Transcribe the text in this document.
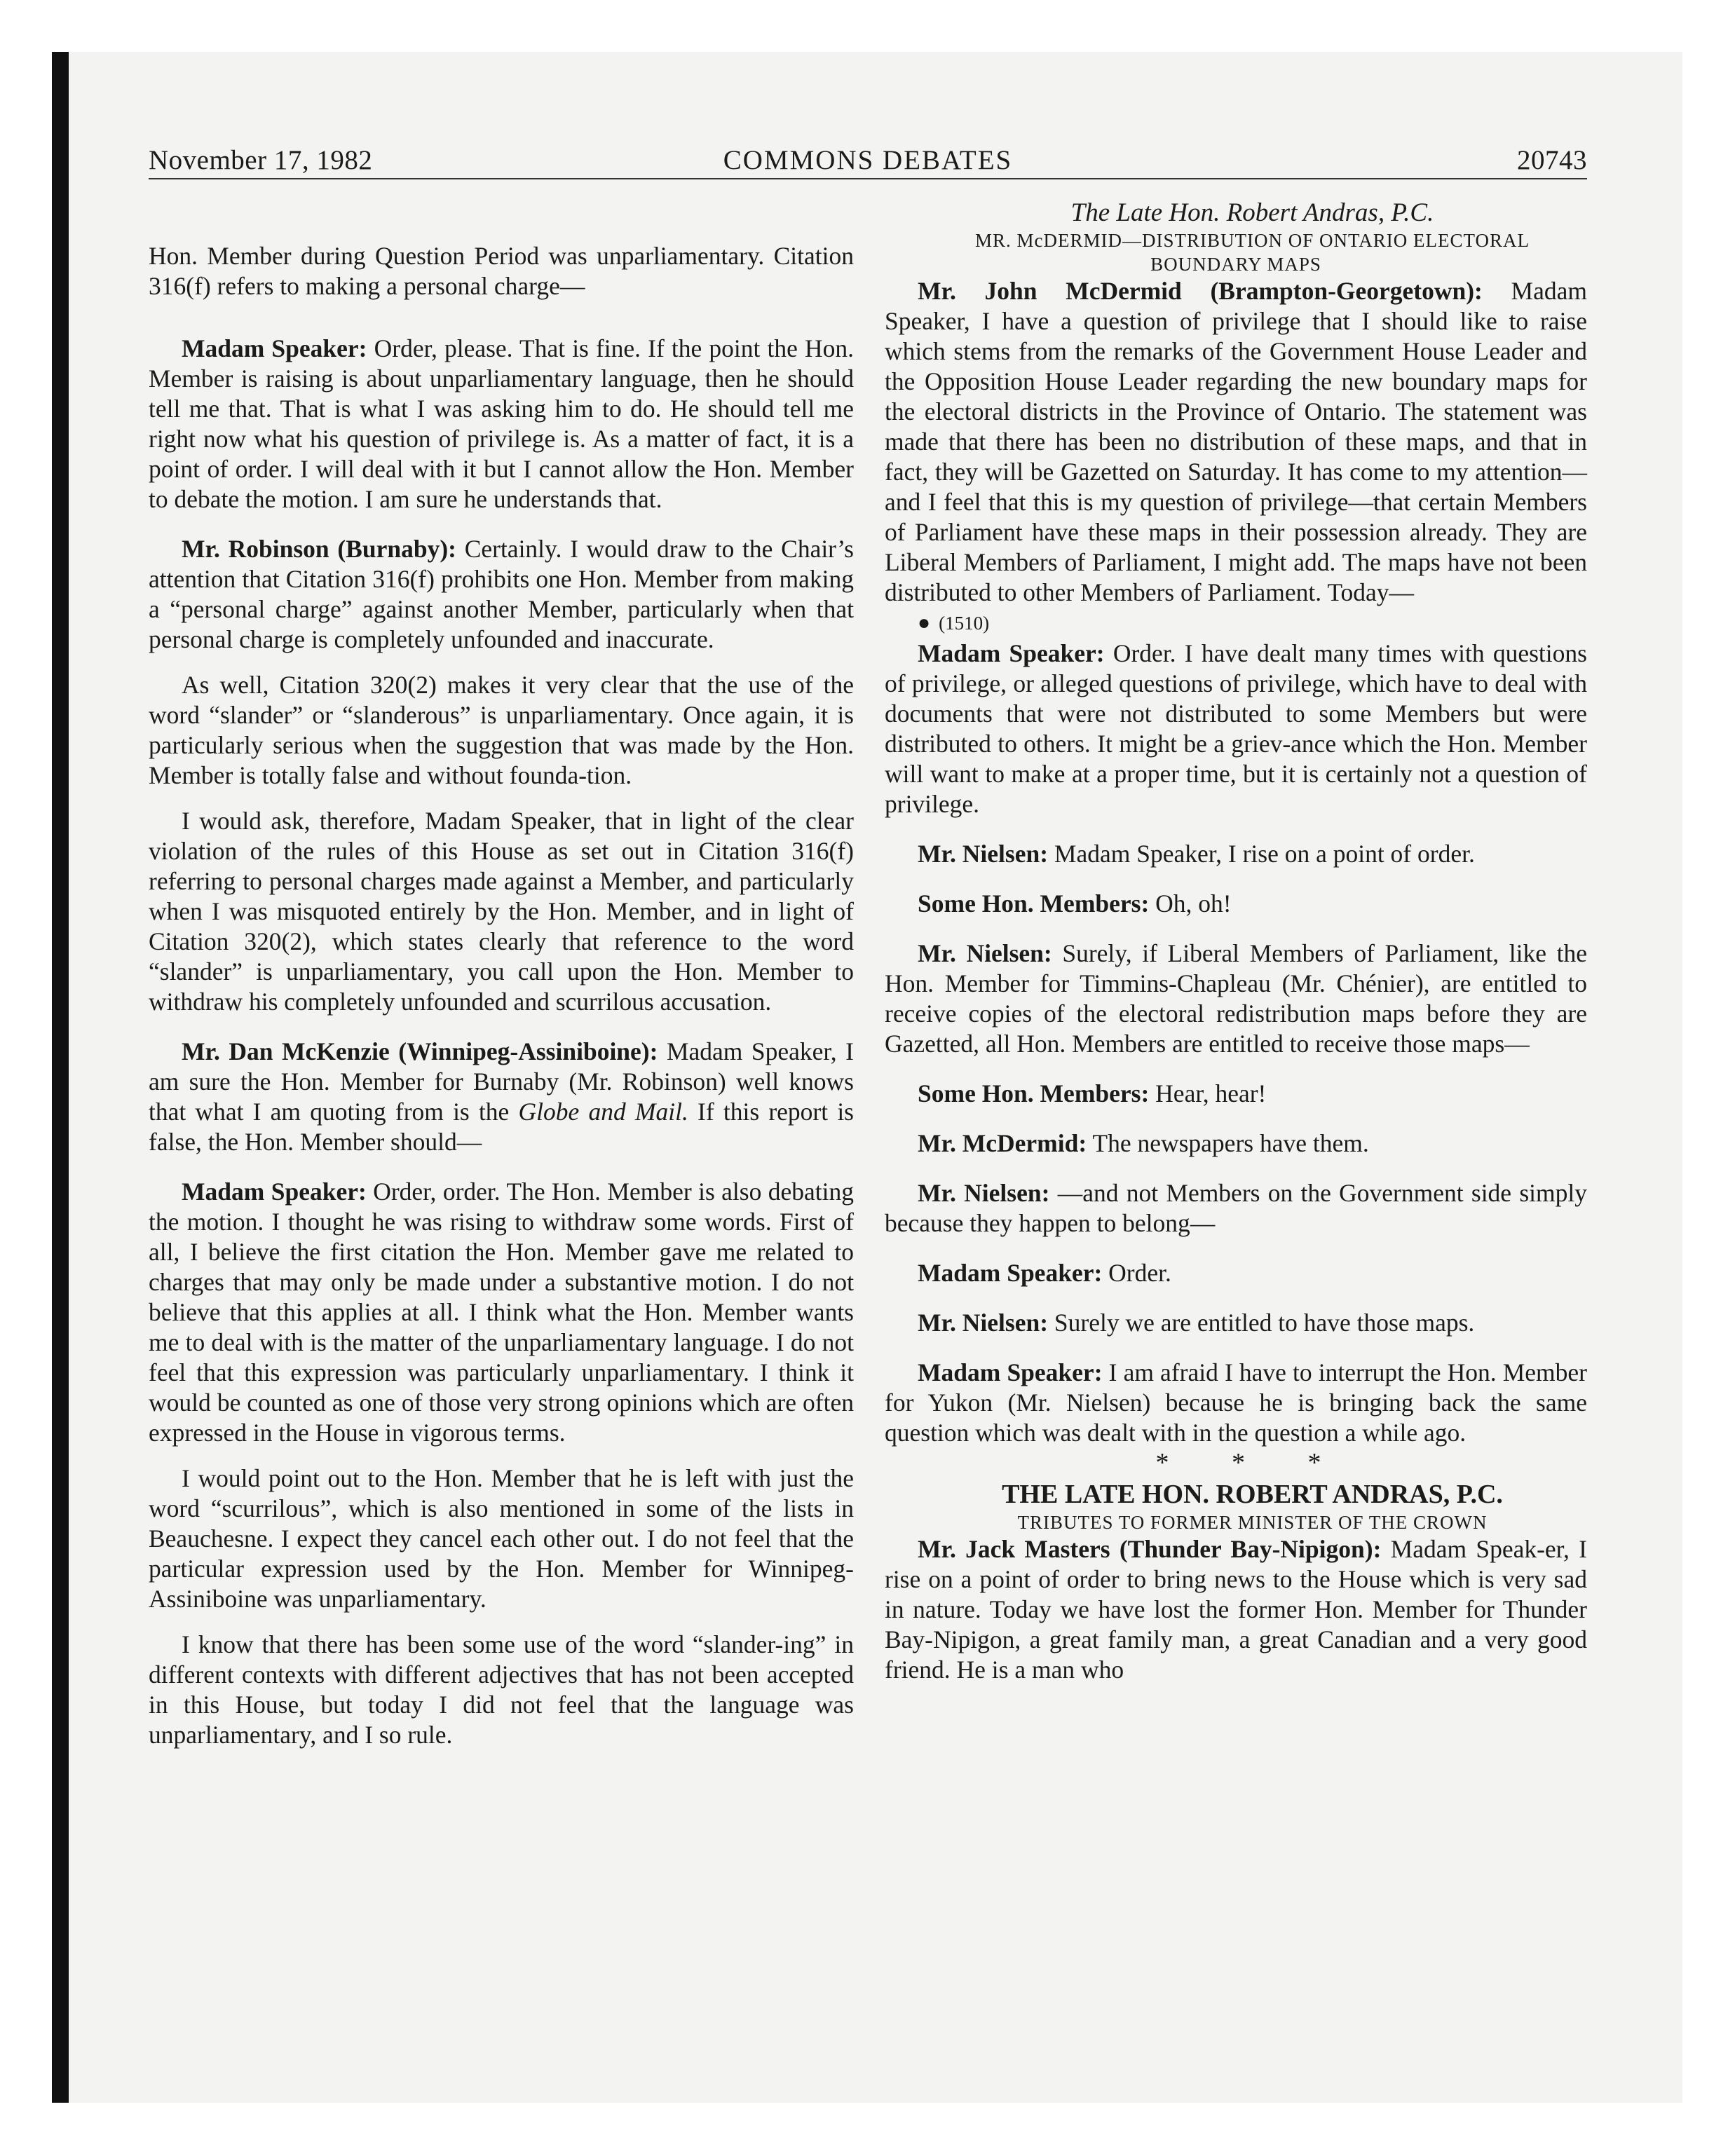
November 17, 1982	COMMONS DEBATES	20743

Hon. Member during Question Period was unparliamentary. Citation 316(f) refers to making a personal charge—

Madam Speaker: Order, please. That is fine. If the point the Hon. Member is raising is about unparliamentary language, then he should tell me that. That is what I was asking him to do. He should tell me right now what his question of privilege is. As a matter of fact, it is a point of order. I will deal with it but I cannot allow the Hon. Member to debate the motion. I am sure he understands that.

Mr. Robinson (Burnaby): Certainly. I would draw to the Chair’s attention that Citation 316(f) prohibits one Hon. Member from making a “personal charge” against another Member, particularly when that personal charge is completely unfounded and inaccurate.

As well, Citation 320(2) makes it very clear that the use of the word “slander” or “slanderous” is unparliamentary. Once again, it is particularly serious when the suggestion that was made by the Hon. Member is totally false and without founda-tion.

I would ask, therefore, Madam Speaker, that in light of the clear violation of the rules of this House as set out in Citation 316(f) referring to personal charges made against a Member, and particularly when I was misquoted entirely by the Hon. Member, and in light of Citation 320(2), which states clearly that reference to the word “slander” is unparliamentary, you call upon the Hon. Member to withdraw his completely unfounded and scurrilous accusation.

Mr. Dan McKenzie (Winnipeg-Assiniboine): Madam Speaker, I am sure the Hon. Member for Burnaby (Mr. Robinson) well knows that what I am quoting from is the Globe and Mail. If this report is false, the Hon. Member should—

Madam Speaker: Order, order. The Hon. Member is also debating the motion. I thought he was rising to withdraw some words. First of all, I believe the first citation the Hon. Member gave me related to charges that may only be made under a substantive motion. I do not believe that this applies at all. I think what the Hon. Member wants me to deal with is the matter of the unparliamentary language. I do not feel that this expression was particularly unparliamentary. I think it would be counted as one of those very strong opinions which are often expressed in the House in vigorous terms.

I would point out to the Hon. Member that he is left with just the word “scurrilous”, which is also mentioned in some of the lists in Beauchesne. I expect they cancel each other out. I do not feel that the particular expression used by the Hon. Member for Winnipeg-Assiniboine was unparliamentary.

I know that there has been some use of the word “slander-ing” in different contexts with different adjectives that has not been accepted in this House, but today I did not feel that the language was unparliamentary, and I so rule.

The Late Hon. Robert Andras, P.C.

MR. McDERMID—DISTRIBUTION OF ONTARIO ELECTORAL
BOUNDARY MAPS

Mr. John McDermid (Brampton-Georgetown): Madam Speaker, I have a question of privilege that I should like to raise which stems from the remarks of the Government House Leader and the Opposition House Leader regarding the new boundary maps for the electoral districts in the Province of Ontario. The statement was made that there has been no distribution of these maps, and that in fact, they will be Gazetted on Saturday. It has come to my attention—and I feel that this is my question of privilege—that certain Members of Parliament have these maps in their possession already. They are Liberal Members of Parliament, I might add. The maps have not been distributed to other Members of Parliament. Today—

● (1510)

Madam Speaker: Order. I have dealt many times with questions of privilege, or alleged questions of privilege, which have to deal with documents that were not distributed to some Members but were distributed to others. It might be a griev-ance which the Hon. Member will want to make at a proper time, but it is certainly not a question of privilege.

Mr. Nielsen: Madam Speaker, I rise on a point of order.

Some Hon. Members: Oh, oh!

Mr. Nielsen: Surely, if Liberal Members of Parliament, like the Hon. Member for Timmins-Chapleau (Mr. Chénier), are entitled to receive copies of the electoral redistribution maps before they are Gazetted, all Hon. Members are entitled to receive those maps—

Some Hon. Members: Hear, hear!

Mr. McDermid: The newspapers have them.

Mr. Nielsen: —and not Members on the Government side simply because they happen to belong—

Madam Speaker: Order.

Mr. Nielsen: Surely we are entitled to have those maps.

Madam Speaker: I am afraid I have to interrupt the Hon. Member for Yukon (Mr. Nielsen) because he is bringing back the same question which was dealt with in the question a while ago.

* * *

THE LATE HON. ROBERT ANDRAS, P.C.

TRIBUTES TO FORMER MINISTER OF THE CROWN

Mr. Jack Masters (Thunder Bay-Nipigon): Madam Speak-er, I rise on a point of order to bring news to the House which is very sad in nature. Today we have lost the former Hon. Member for Thunder Bay-Nipigon, a great family man, a great Canadian and a very good friend. He is a man who
